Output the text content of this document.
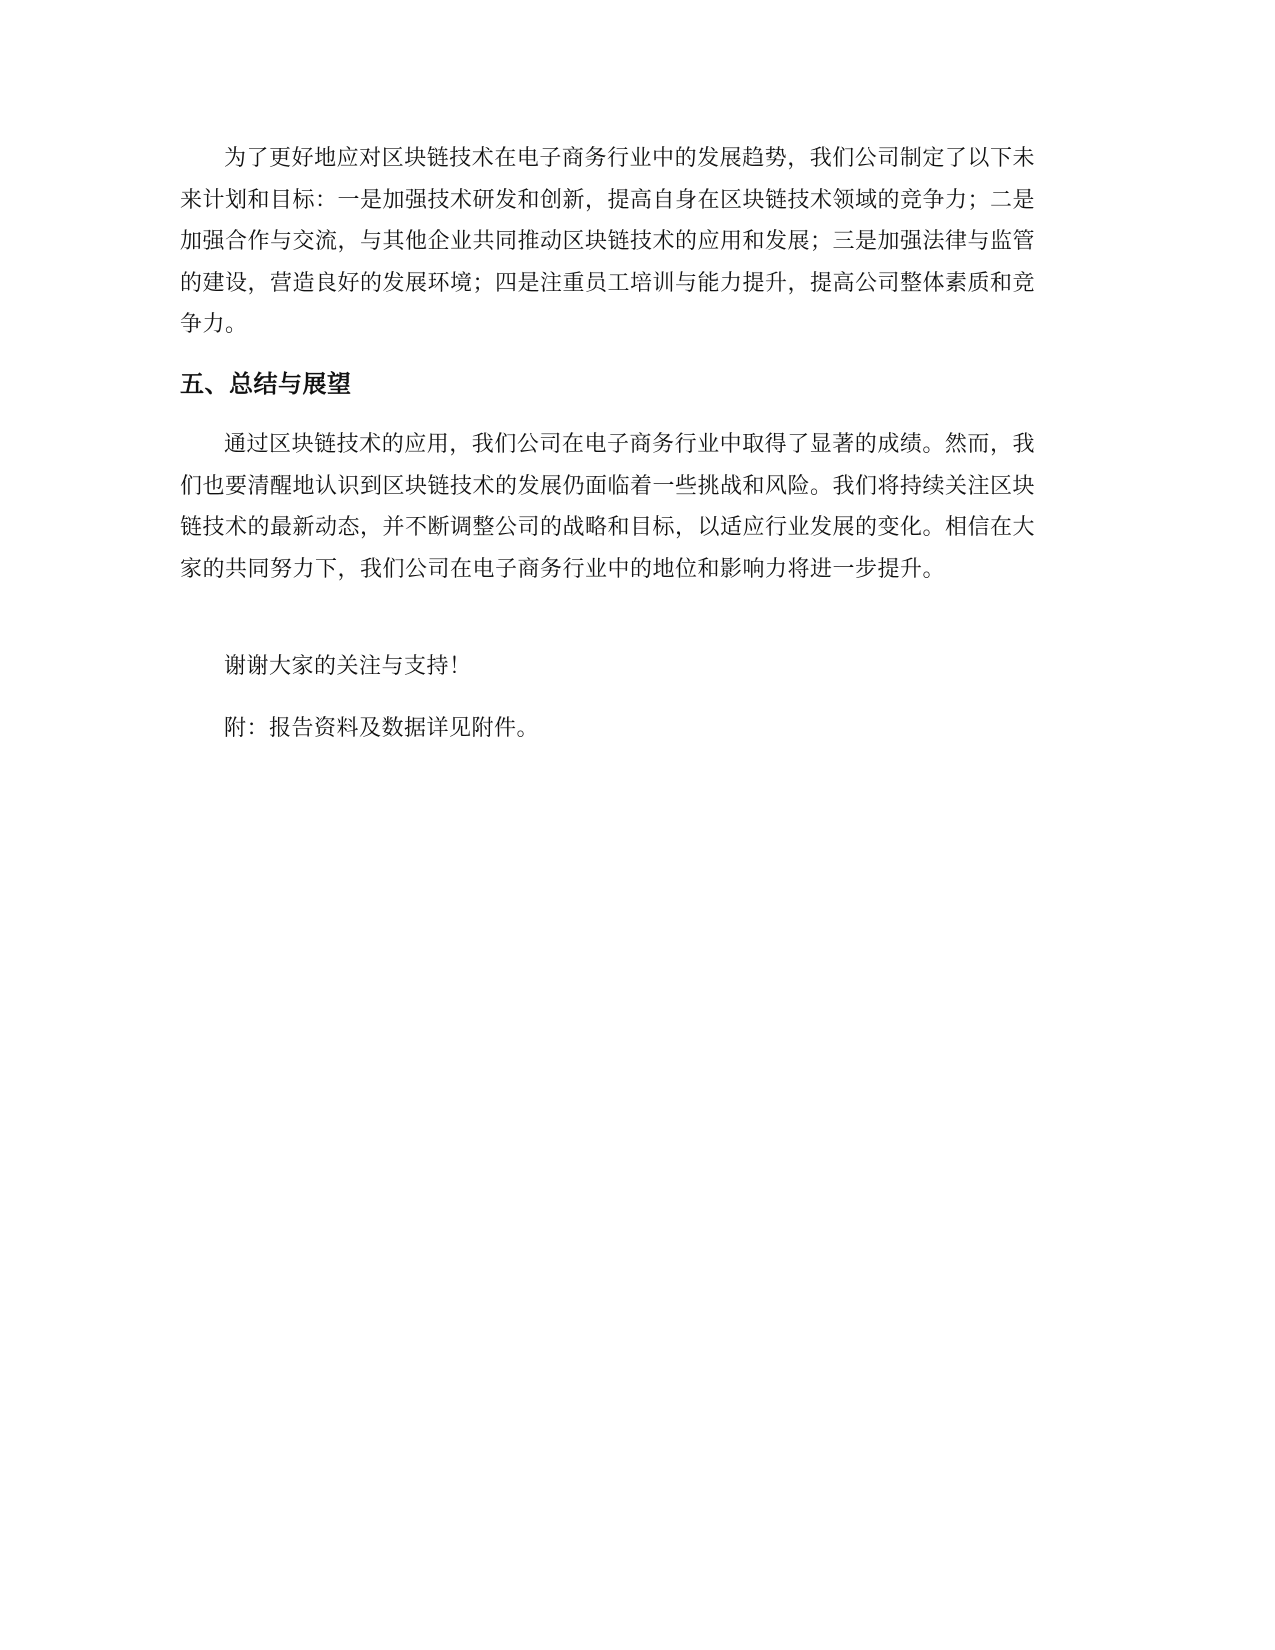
为了更好地应对区块链技术在电子商务行业中的发展趋势，我们公司制定了以下未来计划和目标：一是加强技术研发和创新，提高自身在区块链技术领域的竞争力；二是加强合作与交流，与其他企业共同推动区块链技术的应用和发展；三是加强法律与监管的建设，营造良好的发展环境；四是注重员工培训与能力提升，提高公司整体素质和竞争力。

五、总结与展望

通过区块链技术的应用，我们公司在电子商务行业中取得了显著的成绩。然而，我们也要清醒地认识到区块链技术的发展仍面临着一些挑战和风险。我们将持续关注区块链技术的最新动态，并不断调整公司的战略和目标，以适应行业发展的变化。相信在大家的共同努力下，我们公司在电子商务行业中的地位和影响力将进一步提升。

谢谢大家的关注与支持！

附：报告资料及数据详见附件。
